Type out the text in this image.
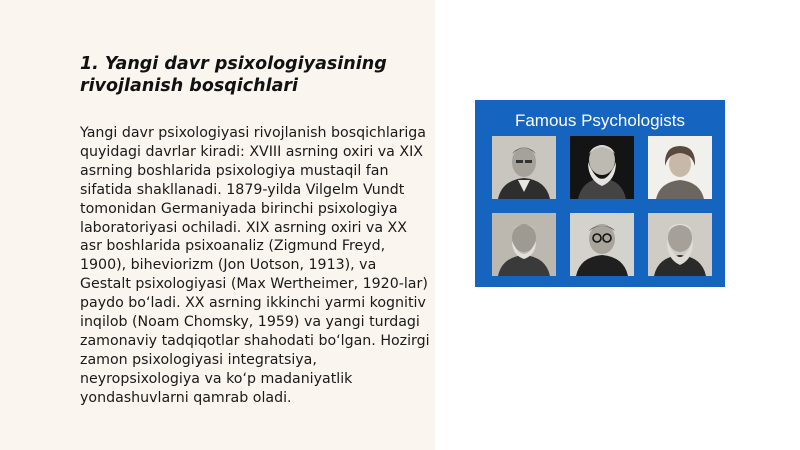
1. Yangi davr psixologiyasining
rivojlanish bosqichlari

Yangi davr psixologiyasi rivojlanish bosqichlariga quyidagi davrlar kiradi: XVIII asrning oxiri va XIX asrning boshlarida psixologiya mustaqil fan sifatida shakllanadi. 1879-yilda Vilgelm Vundt tomonidan Germaniyada birinchi psixologiya laboratoriyasi ochiladi. XIX asrning oxiri va XX asr boshlarida psixoanaliz (Zigmund Freyd, 1900), biheviorizm (Jon Uotson, 1913), va Gestalt psixologiyasi (Max Wertheimer, 1920-lar) paydo bo‘ladi. XX asrning ikkinchi yarmi kognitiv inqilob (Noam Chomsky, 1959) va yangi turdagi zamonaviy tadqiqotlar shahodati bo‘lgan. Hozirgi zamon psixologiyasi integratsiya, neyropsixologiya va ko‘p madaniyatlik yondashuvlarni qamrab oladi.

Famous Psychologists
